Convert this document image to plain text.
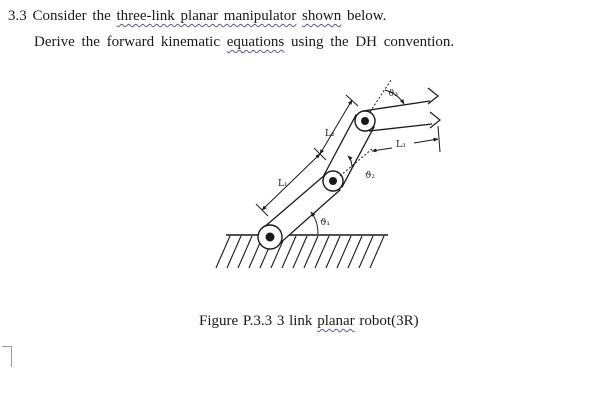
3.3 Consider the three-link planar manipulator shown below.
Derive the forward kinematic equations using the DH convention.
L₁
L₂
L₃
ϑ₁
ϑ₂
ϑ₃
Figure P.3.3 3 link planar robot(3R)
